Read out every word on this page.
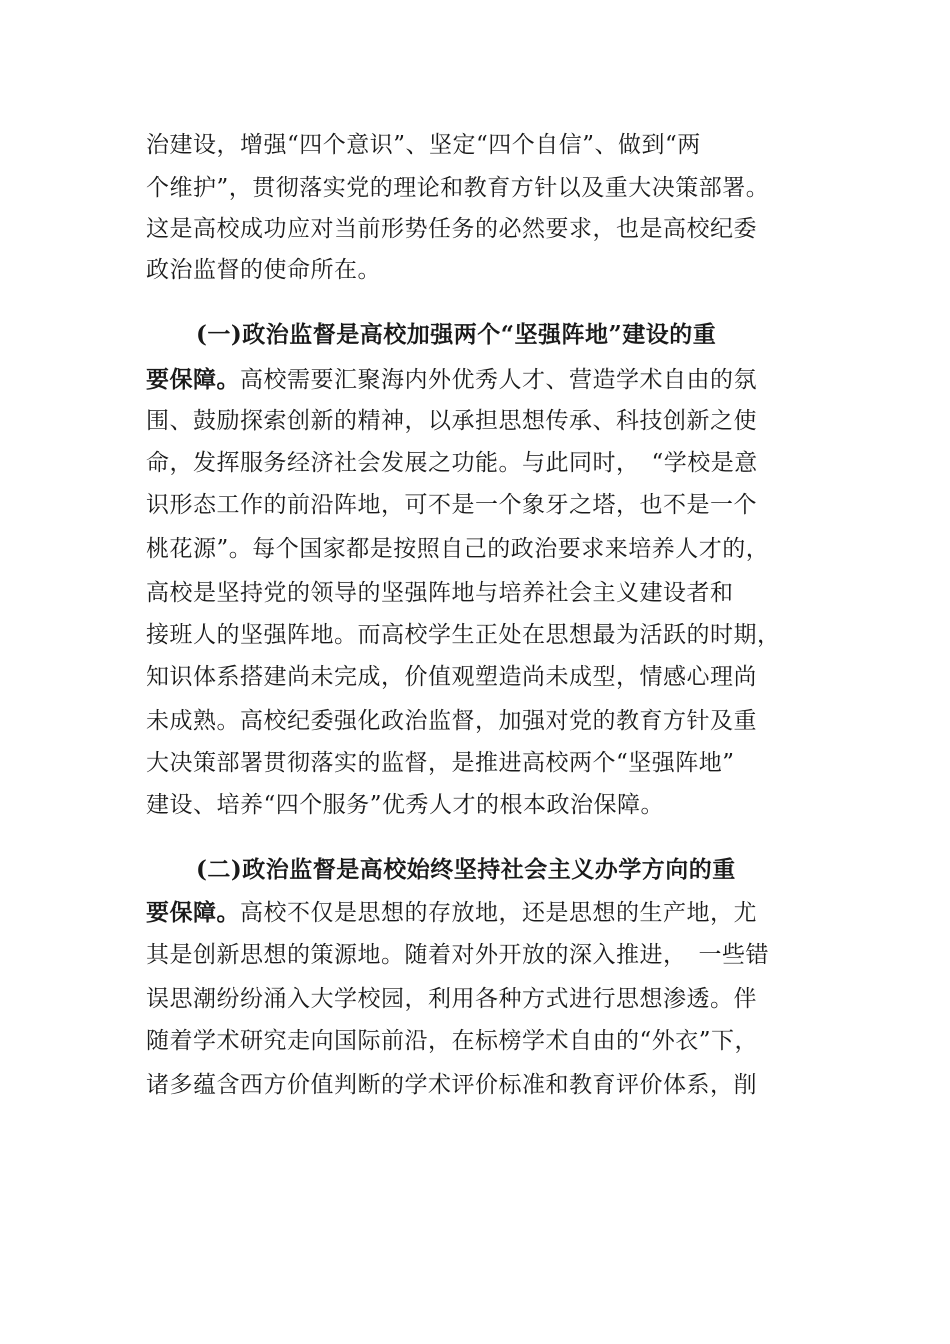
治建设，增强“四个意识”、坚定“四个自信”、做到“两
个维护”，贯彻落实党的理论和教育方针以及重大决策部署。
这是高校成功应对当前形势任务的必然要求，也是高校纪委
政治监督的使命所在。
(一)政治监督是高校加强两个“坚强阵地”建设的重
要保障。高校需要汇聚海内外优秀人才、营造学术自由的氛
围、鼓励探索创新的精神，以承担思想传承、科技创新之使
命，发挥服务经济社会发展之功能。与此同时，　“学校是意
识形态工作的前沿阵地，可不是一个象牙之塔，也不是一个
桃花源”。每个国家都是按照自己的政治要求来培养人才的，
高校是坚持党的领导的坚强阵地与培养社会主义建设者和
接班人的坚强阵地。而高校学生正处在思想最为活跃的时期，
知识体系搭建尚未完成，价值观塑造尚未成型，情感心理尚
未成熟。高校纪委强化政治监督，加强对党的教育方针及重
大决策部署贯彻落实的监督，是推进高校两个“坚强阵地”
建设、培养“四个服务”优秀人才的根本政治保障。
(二)政治监督是高校始终坚持社会主义办学方向的重
要保障。高校不仅是思想的存放地，还是思想的生产地，尤
其是创新思想的策源地。随着对外开放的深入推进，　一些错
误思潮纷纷涌入大学校园，利用各种方式进行思想渗透。伴
随着学术研究走向国际前沿，在标榜学术自由的“外衣”下，
诸多蕴含西方价值判断的学术评价标准和教育评价体系，削
